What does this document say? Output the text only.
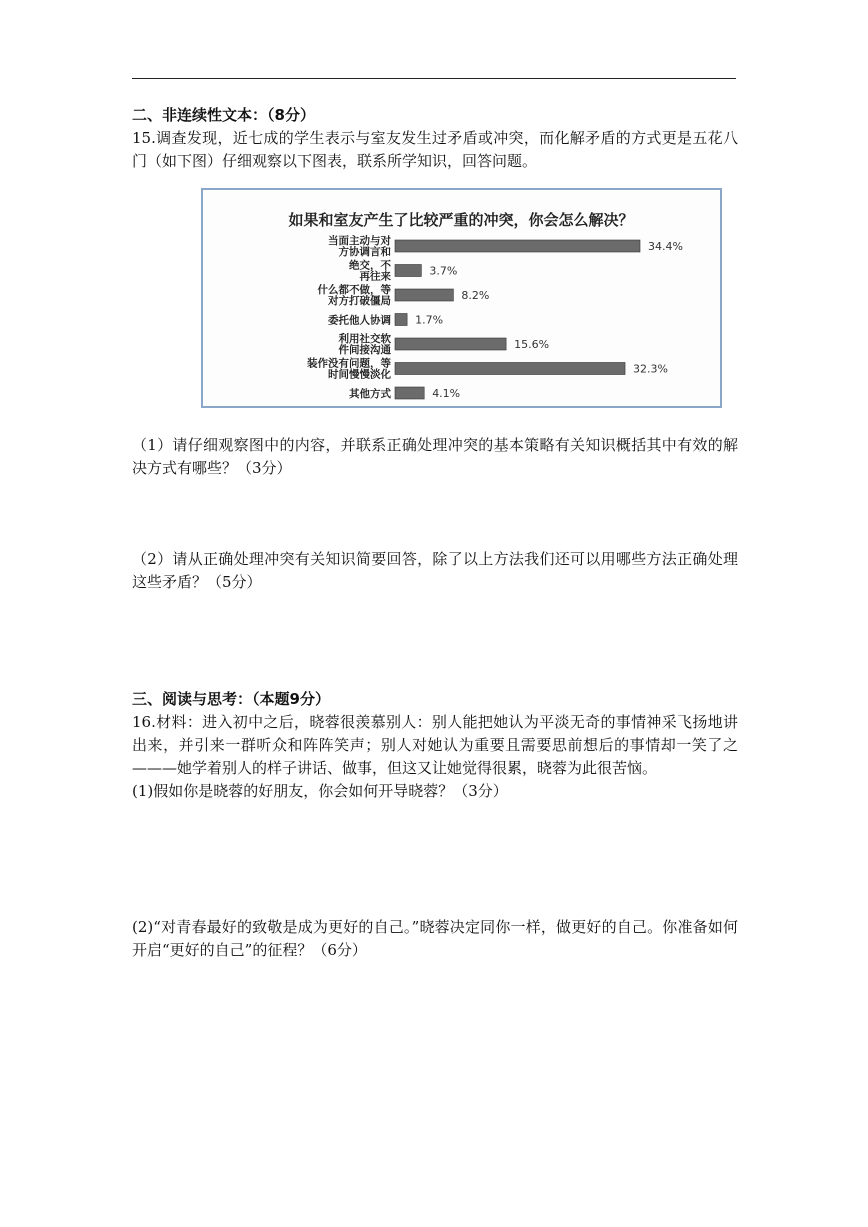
二、非连续性文本：（8分）

15.调查发现，近七成的学生表示与室友发生过矛盾或冲突，而化解矛盾的方式更是五花八门（如下图）仔细观察以下图表，联系所学知识，回答问题。

如果和室友产生了比较严重的冲突，你会怎么解决？
当面主动与对方协调言和	34.4%
绝交，不再往来	3.7%
什么都不做，等对方打破僵局	8.2%
委托他人协调 1.7%
利用社交软件间接沟通	15.6%
装作没有问题，等时间慢慢淡化	32.3%
其他方式	4.1%

（1）请仔细观察图中的内容，并联系正确处理冲突的基本策略有关知识概括其中有效的解决方式有哪些？（3分）

（2）请从正确处理冲突有关知识简要回答，除了以上方法我们还可以用哪些方法正确处理这些矛盾？（5分）

三、阅读与思考：（本题9分）

16.材料：进入初中之后，晓蓉很羡慕别人：别人能把她认为平淡无奇的事情神采飞扬地讲出来，并引来一群听众和阵阵笑声；别人对她认为重要且需要思前想后的事情却一笑了之———她学着别人的样子讲话、做事，但这又让她觉得很累，晓蓉为此很苦恼。

(1)假如你是晓蓉的好朋友，你会如何开导晓蓉？（3分）

(2)“对青春最好的致敬是成为更好的自己。”晓蓉决定同你一样，做更好的自己。你准备如何开启“更好的自己”的征程？（6分）
